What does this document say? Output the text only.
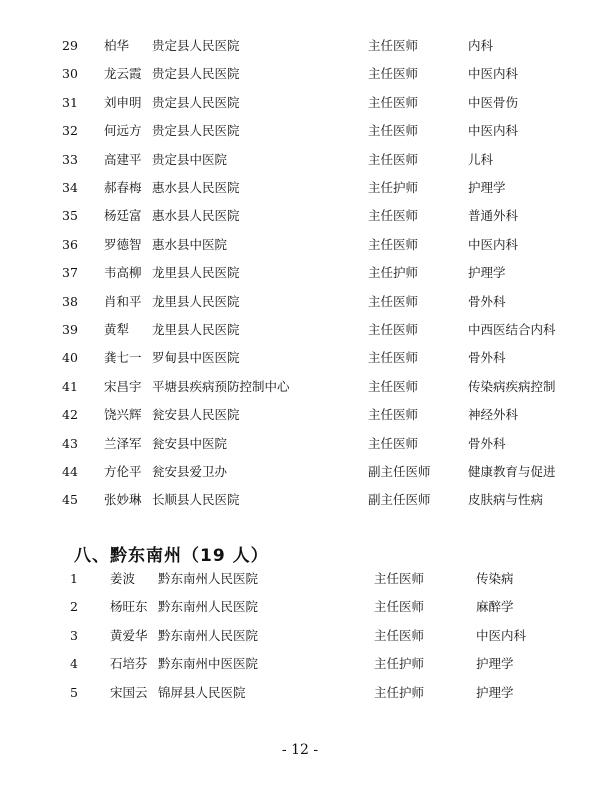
29 柏华 贵定县人民医院	主任医师	内科
30 龙云霞 贵定县人民医院	主任医师	中医内科
31 刘申明 贵定县人民医院	主任医师	中医骨伤
32 何远方 贵定县人民医院	主任医师	中医内科
33 高建平 贵定县中医院	主任医师	儿科
34 郝春梅 惠水县人民医院	主任护师	护理学
35 杨廷富 惠水县人民医院	主任医师	普通外科
36 罗德智 惠水县中医院	主任医师	中医内科
37 韦高柳 龙里县人民医院	主任护师	护理学
38 肖和平 龙里县人民医院	主任医师	骨外科
39 黄犁 龙里县人民医院	主任医师	中西医结合内科
40 龚七一 罗甸县中医医院	主任医师	骨外科
41 宋昌宇 平塘县疾病预防控制中心	主任医师	传染病疾病控制
42 饶兴辉 瓮安县人民医院	主任医师	神经外科
43 兰泽军 瓮安县中医院	主任医师	骨外科
44 方伦平 瓮安县爱卫办	副主任医师	健康教育与促进
45 张妙琳 长顺县人民医院	副主任医师	皮肤病与性病
八、黔东南州（19 人）
1	姜波 黔东南州人民医院	主任医师	传染病
2	杨旺东 黔东南州人民医院	主任医师	麻醉学
3	黄爱华 黔东南州人民医院	主任医师	中医内科
4	石培芬 黔东南州中医医院	主任护师	护理学
5	宋国云 锦屏县人民医院	主任护师	护理学
- 12 -
